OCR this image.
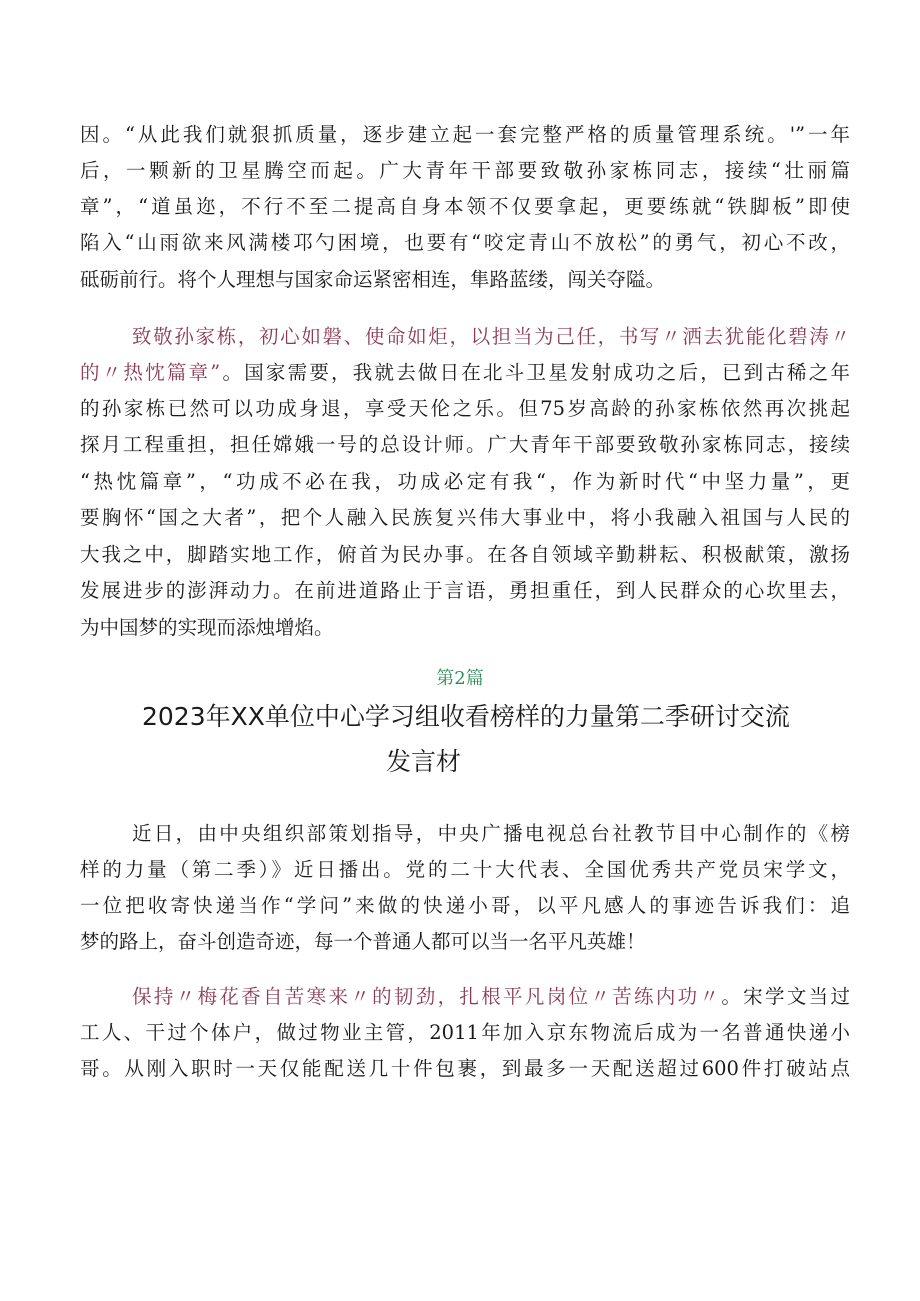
因。“从此我们就狠抓质量，逐步建立起一套完整严格的质量管理系统。'”一年
后，一颗新的卫星腾空而起。广大青年干部要致敬孙家栋同志，接续“壮丽篇
章”，“道虽迩，不行不至二提高自身本领不仅要拿起，更要练就“铁脚板”即使
陷入“山雨欲来风满楼邛勺困境，也要有“咬定青山不放松”的勇气，初心不改，
砥砺前行。将个人理想与国家命运紧密相连，隼路蓝缕，闯关夺隘。
致敬孙家栋，初心如磐、使命如炬，以担当为己任，书写〃洒去犹能化碧涛〃
的〃热忱篇章”。国家需要，我就去做日在北斗卫星发射成功之后，已到古稀之年
的孙家栋已然可以功成身退，享受天伦之乐。但75岁高龄的孙家栋依然再次挑起
探月工程重担，担任嫦娥一号的总设计师。广大青年干部要致敬孙家栋同志，接续
“热忱篇章”，“功成不必在我，功成必定有我“，作为新时代“中坚力量”，更
要胸怀“国之大者”，把个人融入民族复兴伟大事业中，将小我融入祖国与人民的
大我之中，脚踏实地工作，俯首为民办事。在各自领域辛勤耕耘、积极献策，激扬
发展进步的澎湃动力。在前进道路止于言语，勇担重任，到人民群众的心坎里去，
为中国梦的实现而添烛增焰。
第2篇
2023年XX单位中心学习组收看榜样的力量第二季研讨交流
发言材
近日，由中央组织部策划指导，中央广播电视总台社教节目中心制作的《榜
样的力量（第二季）》近日播出。党的二十大代表、全国优秀共产党员宋学文，
一位把收寄快递当作“学问”来做的快递小哥，以平凡感人的事迹告诉我们：追
梦的路上，奋斗创造奇迹，每一个普通人都可以当一名平凡英雄！
保持〃梅花香自苦寒来〃的韧劲，扎根平凡岗位〃苦练内功〃。宋学文当过
工人、干过个体户，做过物业主管，2011年加入京东物流后成为一名普通快递小
哥。从刚入职时一天仅能配送几十件包裹，到最多一天配送超过600件打破站点
